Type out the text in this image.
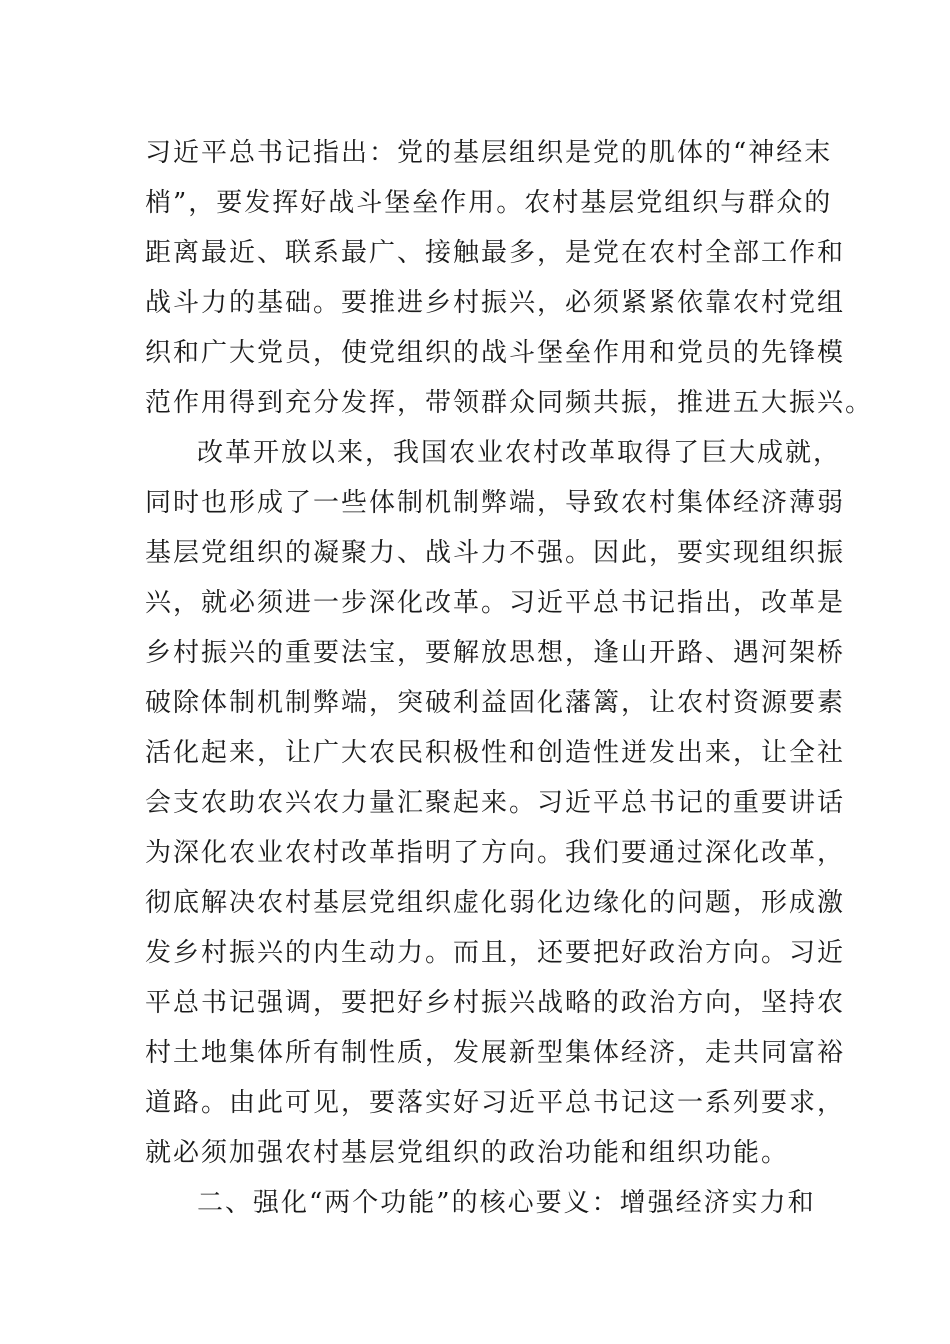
习近平总书记指出：党的基层组织是党的肌体的“神经末
梢”，要发挥好战斗堡垒作用。农村基层党组织与群众的
距离最近、联系最广、接触最多，是党在农村全部工作和
战斗力的基础。要推进乡村振兴，必须紧紧依靠农村党组
织和广大党员，使党组织的战斗堡垒作用和党员的先锋模
范作用得到充分发挥，带领群众同频共振，推进五大振兴。
改革开放以来，我国农业农村改革取得了巨大成就，
同时也形成了一些体制机制弊端，导致农村集体经济薄弱
基层党组织的凝聚力、战斗力不强。因此，要实现组织振
兴，就必须进一步深化改革。习近平总书记指出，改革是
乡村振兴的重要法宝，要解放思想，逢山开路、遇河架桥
破除体制机制弊端，突破利益固化藩篱，让农村资源要素
活化起来，让广大农民积极性和创造性迸发出来，让全社
会支农助农兴农力量汇聚起来。习近平总书记的重要讲话
为深化农业农村改革指明了方向。我们要通过深化改革，
彻底解决农村基层党组织虚化弱化边缘化的问题，形成激
发乡村振兴的内生动力。而且，还要把好政治方向。习近
平总书记强调，要把好乡村振兴战略的政治方向，坚持农
村土地集体所有制性质，发展新型集体经济，走共同富裕
道路。由此可见，要落实好习近平总书记这一系列要求，
就必须加强农村基层党组织的政治功能和组织功能。
二、强化“两个功能”的核心要义：增强经济实力和
